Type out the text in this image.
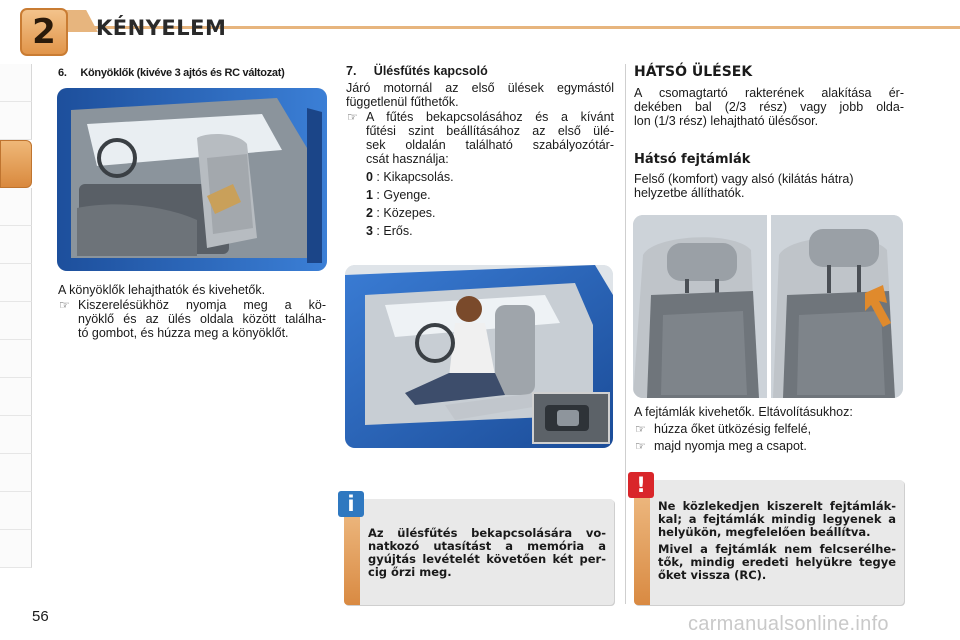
2	KÉNYELEM
6.     Könyöklők (kivéve 3 ajtós és RC változat)
A könyöklők lehajthatók és kivehetők.
☞ Kiszerelésükhöz nyomja meg a kö-
nyöklő és az ülés oldala között találha-
tó gombot, és húzza meg a könyöklőt.
7.     Ülésfűtés kapcsoló
Járó motornál az első ülések egymástól
függetlenül fűthetők.
☞ A fűtés bekapcsolásához és a kívánt
fűtési szint beállításához az első ülé-
sek oldalán található szabályozótár-
csát használja:
0 : Kikapcsolás.
1 : Gyenge.
2 : Közepes.
3 : Erős.
i
Az ülésfűtés bekapcsolására vo-
natkozó utasítást a memória a
gyújtás levételét követően két per-
cig őrzi meg.
HÁTSÓ ÜLÉSEK
A csomagtartó rakterének alakítása ér-
dekében bal (2/3 rész) vagy jobb olda-
lon (1/3 rész) lehajtható ülésősor.
Hátsó fejtámlák
Felső (komfort) vagy alsó (kilátás hátra)
helyzetbe állíthatók.
A fejtámlák kivehetők. Eltávolításukhoz:
☞ húzza őket ütközésig felfelé,
☞ majd nyomja meg a csapot.
!
Ne közlekedjen kiszerelt fejtámlák-
kal; a fejtámlák mindig legyenek a
helyükön, megfelelően beállítva.
Mivel a fejtámlák nem felcserélhe-
tők, mindig eredeti helyükre tegye
őket vissza (RC).
56	carmanualsonline.info
